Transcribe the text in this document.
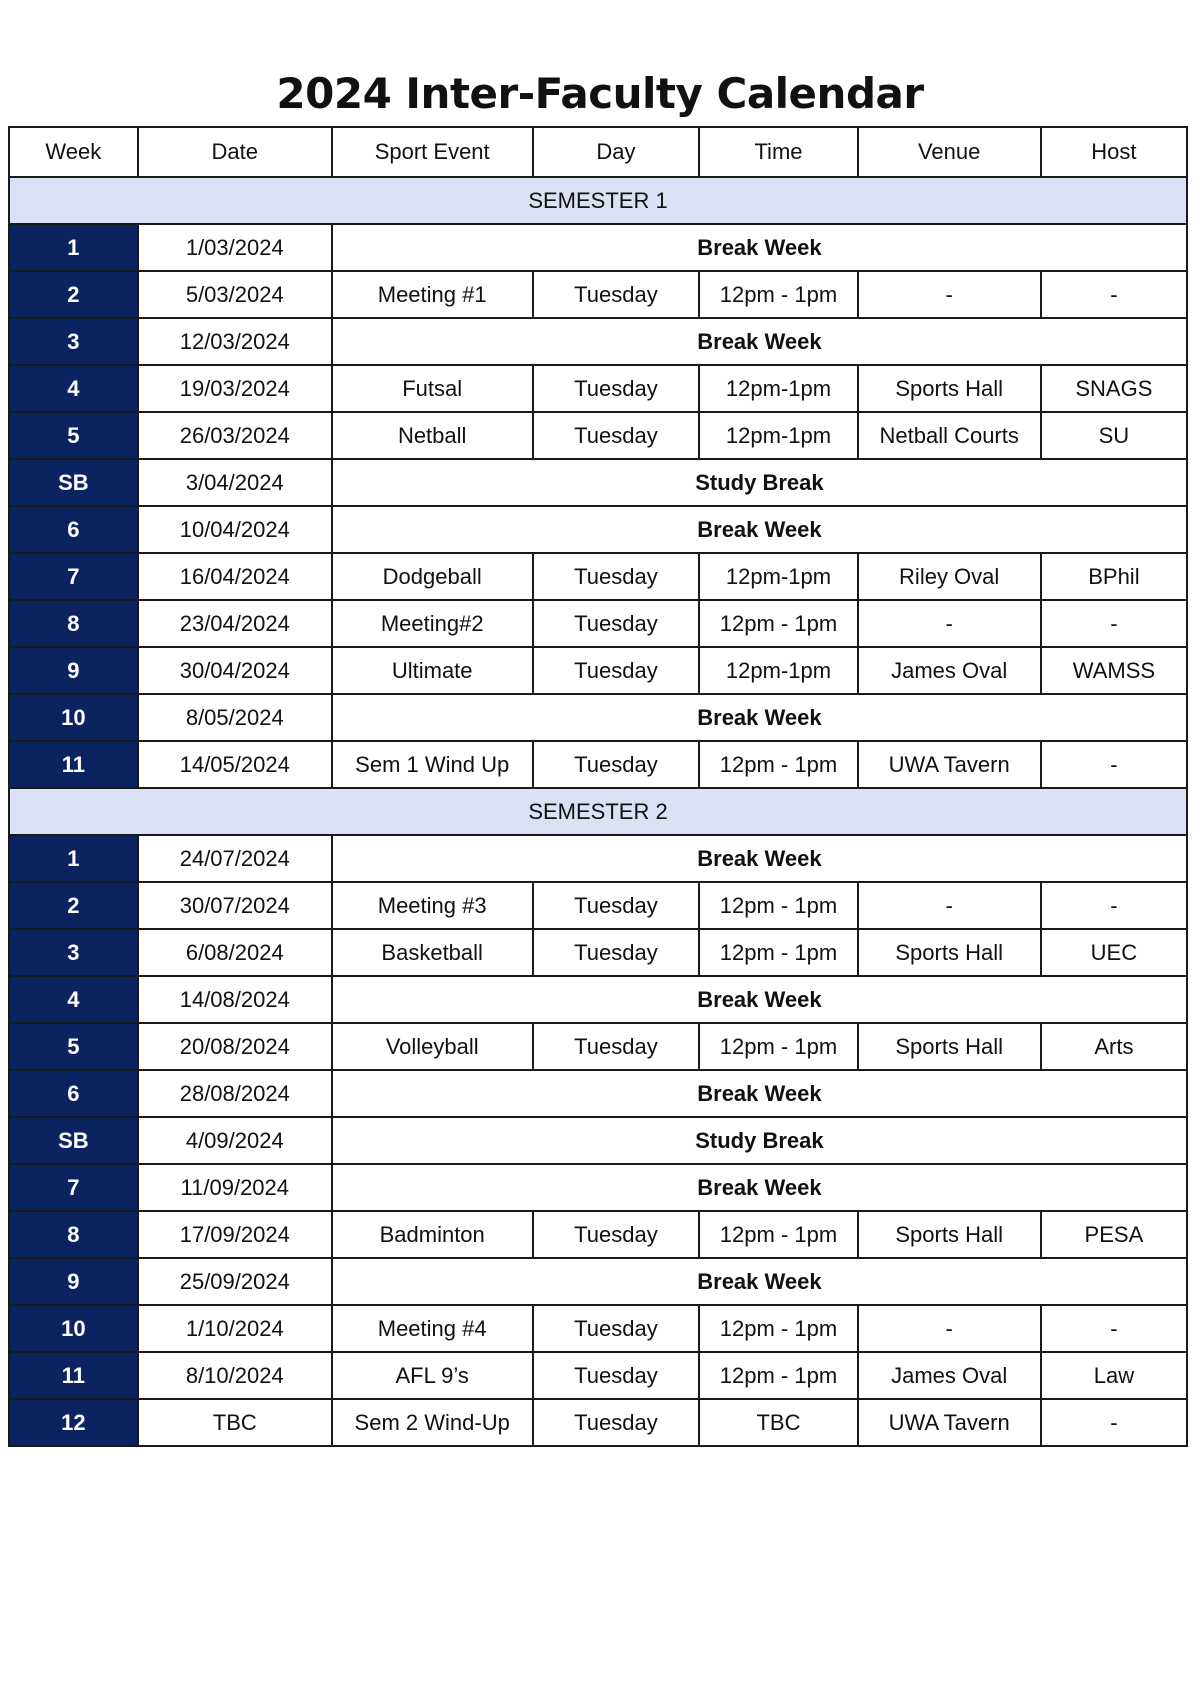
2024 Inter-Faculty Calendar
Week	Date	Sport Event	Day	Time	Venue	Host
SEMESTER 1						
1	1/03/2024	Break Week				
2	5/03/2024	Meeting #1	Tuesday	12pm - 1pm	-	-
3	12/03/2024	Break Week				
4	19/03/2024	Futsal	Tuesday	12pm-1pm	Sports Hall	SNAGS
5	26/03/2024	Netball	Tuesday	12pm-1pm	Netball Courts	SU
SB	3/04/2024	Study Break				
6	10/04/2024	Break Week				
7	16/04/2024	Dodgeball	Tuesday	12pm-1pm	Riley Oval	BPhil
8	23/04/2024	Meeting#2	Tuesday	12pm - 1pm	-	-
9	30/04/2024	Ultimate	Tuesday	12pm-1pm	James Oval	WAMSS
10	8/05/2024	Break Week				
11	14/05/2024	Sem 1 Wind Up	Tuesday	12pm - 1pm	UWA Tavern	-
SEMESTER 2						
1	24/07/2024	Break Week				
2	30/07/2024	Meeting #3	Tuesday	12pm - 1pm	-	-
3	6/08/2024	Basketball	Tuesday	12pm - 1pm	Sports Hall	UEC
4	14/08/2024	Break Week				
5	20/08/2024	Volleyball	Tuesday	12pm - 1pm	Sports Hall	Arts
6	28/08/2024	Break Week				
SB	4/09/2024	Study Break				
7	11/09/2024	Break Week				
8	17/09/2024	Badminton	Tuesday	12pm - 1pm	Sports Hall	PESA
9	25/09/2024	Break Week				
10	1/10/2024	Meeting #4	Tuesday	12pm - 1pm	-	-
11	8/10/2024	AFL 9’s	Tuesday	12pm - 1pm	James Oval	Law
12	TBC	Sem 2 Wind-Up	Tuesday	TBC	UWA Tavern	-
